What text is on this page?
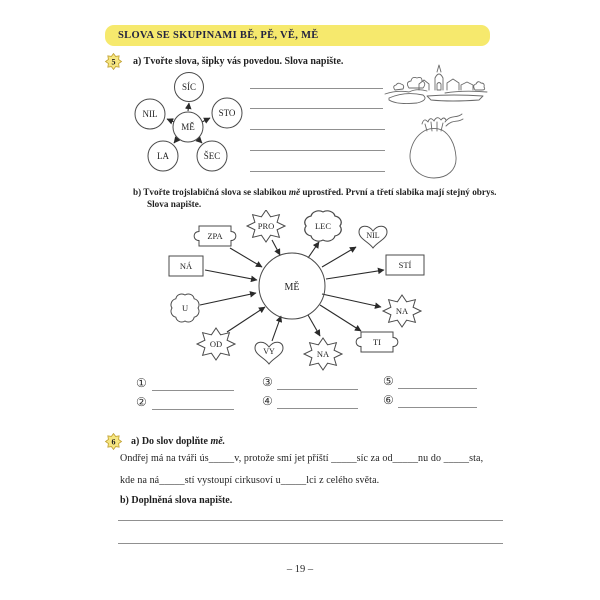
SLOVA SE SKUPINAMI BĚ, PĚ, VĚ, MĚ
5 a) Tvořte slova, šipky vás povedou. Slova napište.
SÍC
NIL	STO
MĚ
LA	ŠEC
b) Tvořte trojslabičná slova se slabikou mě uprostřed. První a třetí slabika mají stejný obrys.
Slova napište.
MĚ
ZPA
PRO	LEC
NIL
NÁ	STÍ
U	NA
OD
VY	NA
TI
①
②
③
④
⑤
⑥
6 a) Do slov doplňte mě.
Ondřej má na tváři ús_____v, protože smí jet příští _____síc za od_____nu do _____sta,
kde na ná_____stí vystoupí cirkusoví u_____lci z celého světa.
b) Doplněná slova napište.
– 19 –
